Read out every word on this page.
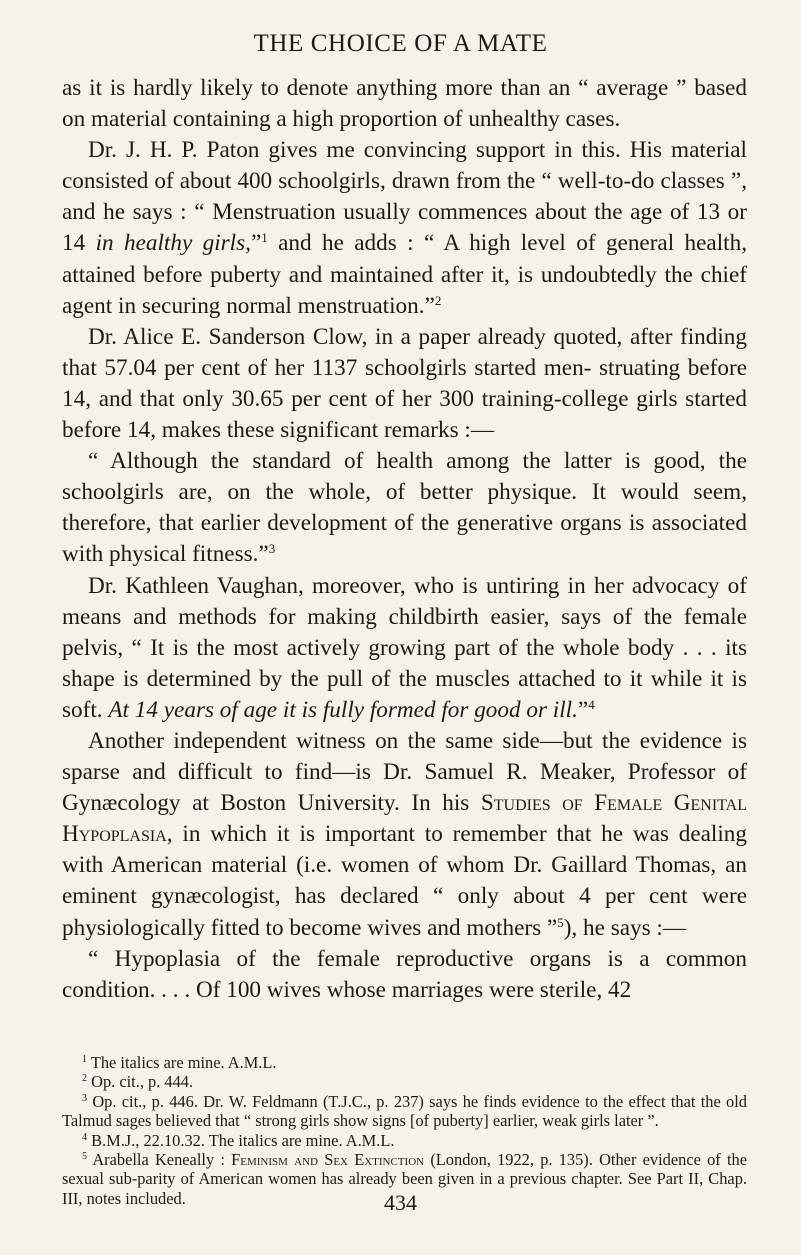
THE CHOICE OF A MATE

as it is hardly likely to denote anything more than an “ average ” based on material containing a high proportion of unhealthy cases.

Dr. J. H. P. Paton gives me convincing support in this. His material consisted of about 400 schoolgirls, drawn from the “ well-to-do classes ”, and he says : “ Menstruation usually commences about the age of 13 or 14 in healthy girls,”$^1$ and he adds : “ A high level of general health, attained before puberty and maintained after it, is undoubtedly the chief agent in securing normal menstruation.”$^2$

Dr. Alice E. Sanderson Clow, in a paper already quoted, after finding that 57.04 per cent of her 1137 schoolgirls started men- struating before 14, and that only 30.65 per cent of her 300 training-college girls started before 14, makes these significant remarks :—

“ Although the standard of health among the latter is good, the schoolgirls are, on the whole, of better physique. It would seem, therefore, that earlier development of the generative organs is associated with physical fitness.”$^3$

Dr. Kathleen Vaughan, moreover, who is untiring in her advocacy of means and methods for making childbirth easier, says of the female pelvis, “ It is the most actively growing part of the whole body . . . its shape is determined by the pull of the muscles attached to it while it is soft. At 14 years of age it is fully formed for good or ill.”$^4$

Another independent witness on the same side—but the evidence is sparse and difficult to find—is Dr. Samuel R. Meaker, Professor of Gynæcology at Boston University. In his Studies of Female Genital Hypoplasia, in which it is important to remember that he was dealing with American material (i.e. women of whom Dr. Gaillard Thomas, an eminent gynæcologist, has declared “ only about 4 per cent were physiologically fitted to become wives and mothers ”$^5$), he says :—

“ Hypoplasia of the female reproductive organs is a common condition. . . . Of 100 wives whose marriages were sterile, 42

$^1$ The italics are mine. A.M.L.

$^2$ Op. cit., p. 444.

$^3$ Op. cit., p. 446. Dr. W. Feldmann (T.J.C., p. 237) says he finds evidence to the effect that the old Talmud sages believed that “ strong girls show signs [of puberty] earlier, weak girls later ”.

$^4$ B.M.J., 22.10.32. The italics are mine. A.M.L.

$^5$ Arabella Keneally : Feminism and Sex Extinction (London, 1922, p. 135). Other evidence of the sexual sub-parity of American women has already been given in a previous chapter. See Part II, Chap. III, notes included.	434
